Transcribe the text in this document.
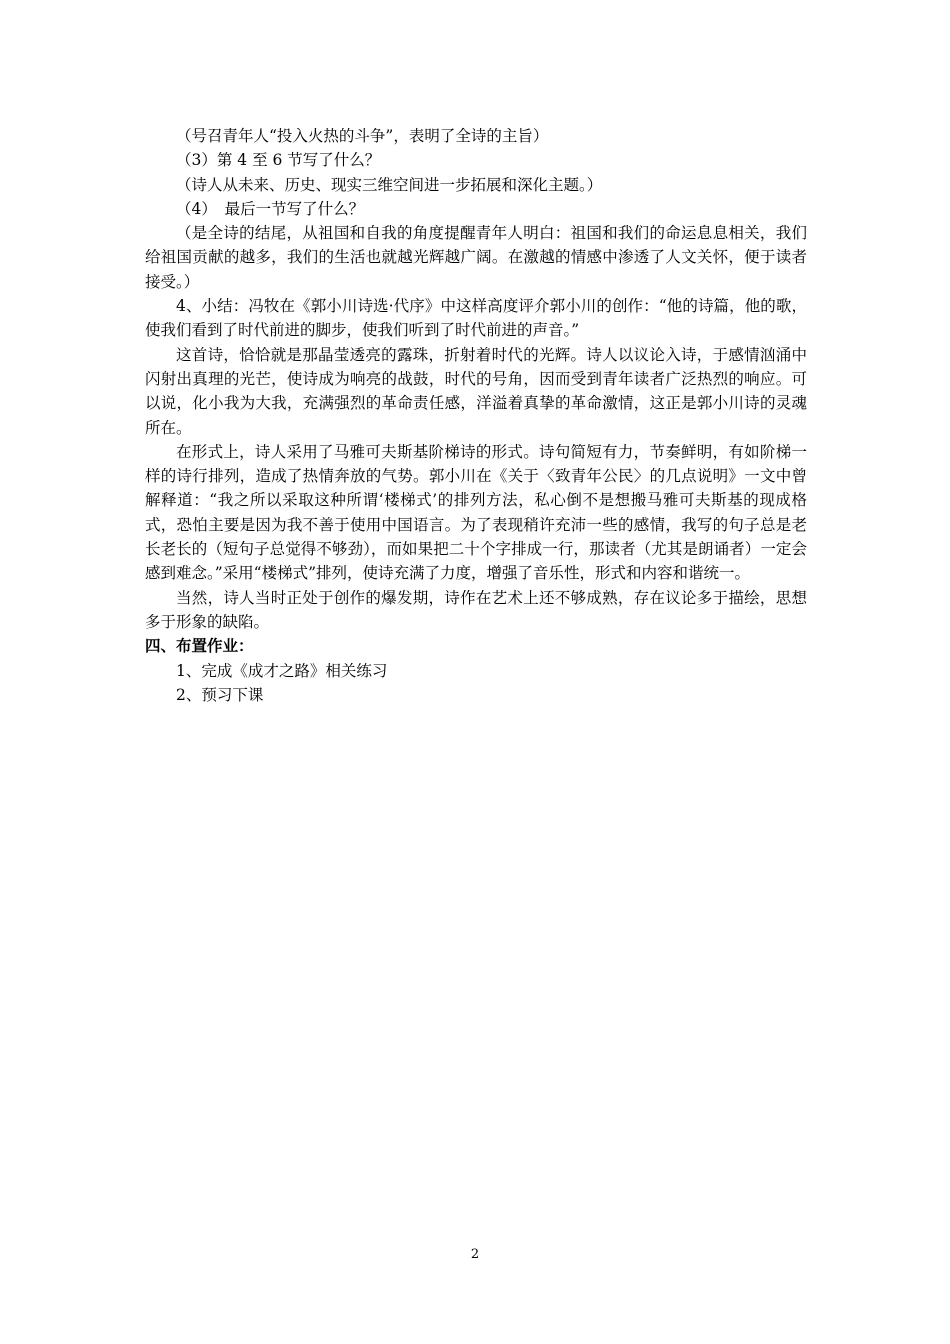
（号召青年人“投入火热的斗争”，表明了全诗的主旨）

（3）第 4 至 6 节写了什么？

（诗人从未来、历史、现实三维空间进一步拓展和深化主题。）

（4）　最后一节写了什么？

（是全诗的结尾，从祖国和自我的角度提醒青年人明白：祖国和我们的命运息息相关，我们给祖国贡献的越多，我们的生活也就越光辉越广阔。在激越的情感中渗透了人文关怀，便于读者接受。）

4、小结：冯牧在《郭小川诗选·代序》中这样高度评介郭小川的创作：“他的诗篇，他的歌，使我们看到了时代前进的脚步，使我们听到了时代前进的声音。”

这首诗，恰恰就是那晶莹透亮的露珠，折射着时代的光辉。诗人以议论入诗，于感情汹涌中闪射出真理的光芒，使诗成为响亮的战鼓，时代的号角，因而受到青年读者广泛热烈的响应。可以说，化小我为大我，充满强烈的革命责任感，洋溢着真挚的革命激情，这正是郭小川诗的灵魂所在。

在形式上，诗人采用了马雅可夫斯基阶梯诗的形式。诗句简短有力，节奏鲜明，有如阶梯一样的诗行排列，造成了热情奔放的气势。郭小川在《关于〈致青年公民〉的几点说明》一文中曾解释道：“我之所以采取这种所谓‘楼梯式’的排列方法，私心倒不是想搬马雅可夫斯基的现成格式，恐怕主要是因为我不善于使用中国语言。为了表现稍许充沛一些的感情，我写的句子总是老长老长的（短句子总觉得不够劲），而如果把二十个字排成一行，那读者（尤其是朗诵者）一定会感到难念。”采用“楼梯式”排列，使诗充满了力度，增强了音乐性，形式和内容和谐统一。

当然，诗人当时正处于创作的爆发期，诗作在艺术上还不够成熟，存在议论多于描绘，思想多于形象的缺陷。

四、布置作业：

1、完成《成才之路》相关练习

2、预习下课

2
